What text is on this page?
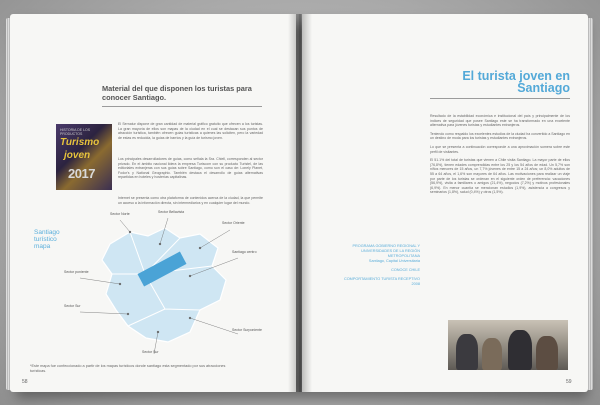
Material del que disponen los turistas para conocer Santiago.
HISTORIA DE LOS PRODUCTOS
Turismo
joven
2017
El Sernatur dispone de gran cantidad de material gráfico gratuito que ofrecen a los turistas. La gran mayoría de ellos son mapas de la ciudad en el cual se destacan sus puntos de atracción turística, también ofrecen guías turísticas a quienes las soliciten, pero la variedad de estas es reducida, la guías de barrios y la guía de turismo joven.
Los principales desarrolladores de guías, como señala la Sra. Chiell, corresponden al sector privado. En el ámbito nacional lidera la empresa Turiscom con su producto Turistel, de las editoriales extranjeras con sus guías sobre Santiago, como son el caso de: Lonely Planet, Fodor's y National Geographic. También destaca el desarrollo de guías alternativas repartidas en hoteles y hosterías capitalinas.
Internet se presenta como otra plataforma de contenidos acerca de la ciudad, la que permite un acceso a la información directa, sin intermediarios y en cualquier lugar del mundo.
Santiago turístico mapa
Sector Norte	Sector Bellavista
Sector Oriente
Santiago centro
Sector poniente
Sector Sur
Sector Sur
Sector Surponiente
*Este mapa fue confeccionado a partir de los mapas turísticos donde santiago esta segmentado por sus atracciones turísticas.
58
El turista joven en Santiago

Resultado de la estabilidad económica e institucional del país y principalmente de los índices de seguridad que posee Santiago este se ha transformado en una excelente alternativa para jóvenes turistas y estudiantes extranjeros.

Teniendo como respaldo los excelentes estudios de la ciudad ha convertido a Santiago en un destino de moda para los turistas y estudiantes extranjeros.

Lo que se presenta a continuación corresponde a una aproximación somera sobre este perfil de visitantes.

El 51.1% del total de turistas que vienen a Chile visita Santiago. La mayor parte de ellos (76,8%), tienen edades comprendidas entre los 25 y los 54 años de edad. Un 5,7% son niños menores de 15 años, un 7,7% jóvenes de entre 15 a 24 años; un 8,0% adultos de 55 a 64 años, el 1,6% son mayores de 64 años. Las motivaciones para realizar un viaje por parte de los turistas se ordenan en el siguiente orden de preferencia: vacaciones (56,9%), visita a familiares o amigos (21,4%), negocios (7,2%) y motivos profesionales (6,9%). En menor cuantía se mencionan estudios (1,9%), asistencia a congresos y seminarios (1,8%), salud (0,4%) y otros (1,5%).

PROGRAMA GOBIERNO REGIONAL Y UNIVERSIDADES DE LA REGIÓN METROPOLITANA
Santiago, Capital Universitaria
CONOCE CHILE
COMPORTAMIENTO TURISTA RECEPTIVO 2008
59
